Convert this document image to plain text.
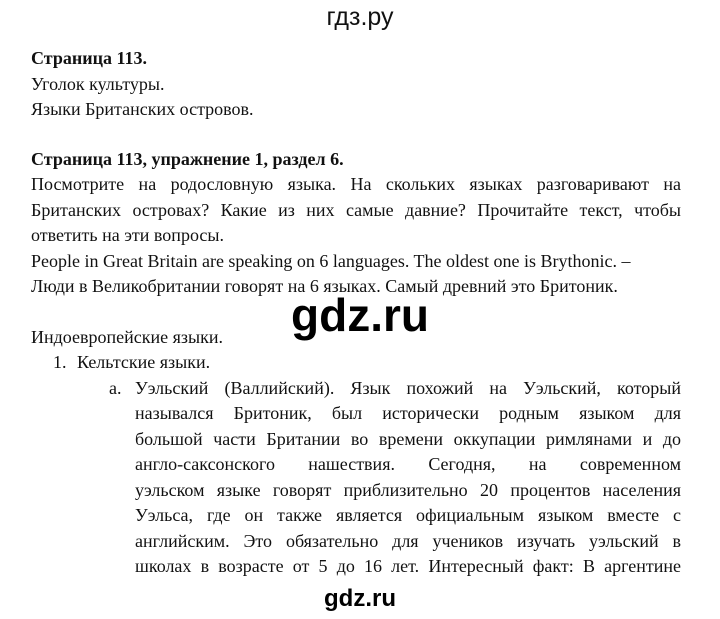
гдз.ру
Страница 113.
Уголок культуры.
Языки Британских островов.
Страница 113, упражнение 1, раздел 6.
Посмотрите на родословную языка. На скольких языках разговаривают на
Британских островах? Какие из них самые давние? Прочитайте текст, чтобы
ответить на эти вопросы.
People in Great Britain are speaking on 6 languages. The oldest one is Brythonic. –
Люди в Великобритании говорят на 6 языках. Самый древний это Бритоник.
Индоевропейские языки.
1. Кельтские языки.
a. Уэльский (Валлийский). Язык похожий на Уэльский, который
назывался Бритоник, был исторически родным языком для
большой части Британии во времени оккупации римлянами и до
англо-саксонского нашествия. Сегодня, на современном
уэльском языке говорят приблизительно 20 процентов населения
Уэльса, где он также является официальным языком вместе с
английским. Это обязательно для учеников изучать уэльский в
школах в возрасте от 5 до 16 лет. Интересный факт: В аргентине
gdz.ru
gdz.ru
